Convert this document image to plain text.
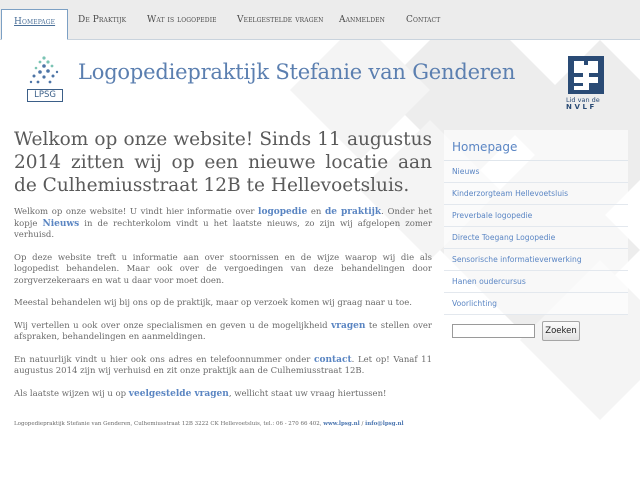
Homepage	De Praktijk Wat is logopedie Veelgestelde vragen Aanmelden Contact
LPSG
Logopediepraktijk Stefanie van Genderen
Lid van de
NVLF
Welkom op onze website! Sinds 11 augustus 2014 zitten wij op een nieuwe locatie aan de Culhemiusstraat 12B te Hellevoetsluis.

Welkom op onze website! U vindt hier informatie over logopedie en de praktijk. Onder het kopje Nieuws in de rechterkolom vindt u het laatste nieuws, zo zijn wij afgelopen zomer verhuisd.

Op deze website treft u informatie aan over stoornissen en de wijze waarop wij die als logopedist behandelen. Maar ook over de vergoedingen van deze behandelingen door zorgverzekeraars en wat u daar voor moet doen.

Meestal behandelen wij bij ons op de praktijk, maar op verzoek komen wij graag naar u toe.

Wij vertellen u ook over onze specialismen en geven u de mogelijkheid vragen te stellen over afspraken, behandelingen en aanmeldingen.

En natuurlijk vindt u hier ook ons adres en telefoonnummer onder contact. Let op! Vanaf 11 augustus 2014 zijn wij verhuisd en zit onze praktijk aan de Culhemiusstraat 12B.

Als laatste wijzen wij u op veelgestelde vragen, wellicht staat uw vraag hiertussen!

Homepage
Nieuws
Kinderzorgteam Hellevoetsluis
Preverbale logopedie
Directe Toegang Logopedie
Sensorische informatieverwerking
Hanen oudercursus
Voorlichting
Zoeken
Logopediepraktijk Stefanie van Genderen, Culhemiusstraat 12B 3222 CK Hellevoetsluis, tel.: 06 - 270 66 402, www.lpsg.nl / info@lpsg.nl
